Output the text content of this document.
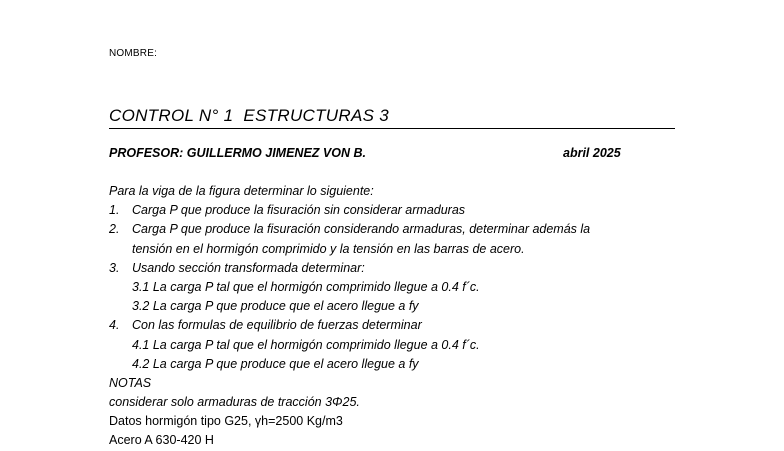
NOMBRE:
CONTROL N° 1  ESTRUCTURAS 3
PROFESOR: GUILLERMO JIMENEZ VON B.	abril 2025
Para la viga de la figura determinar lo siguiente:
1. Carga P que produce la fisuración sin considerar armaduras
2. Carga P que produce la fisuración considerando armaduras, determinar además la
tensión en el hormigón comprimido y la tensión en las barras de acero.
3. Usando sección transformada determinar:
3.1 La carga P tal que el hormigón comprimido llegue a 0.4 f´c.
3.2 La carga P que produce que el acero llegue a fy
4. Con las formulas de equilibrio de fuerzas determinar
4.1 La carga P tal que el hormigón comprimido llegue a 0.4 f´c.
4.2 La carga P que produce que el acero llegue a fy
NOTAS
considerar solo armaduras de tracción 3Φ25.
Datos hormigón tipo G25, γh=2500 Kg/m3
Acero A 630-420 H
